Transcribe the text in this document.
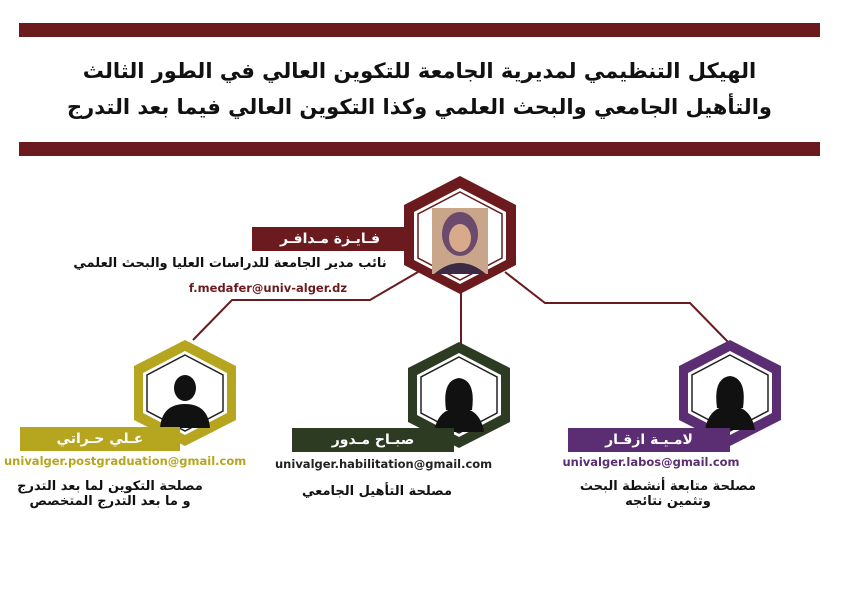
الهيكل التنظيمي لمديرية الجامعة للتكوين العالي في الطور الثالث
والتأهيل الجامعي والبحث العلمي وكذا التكوين العالي فيما بعد التدرج
فـايـزة مـدافـر
نائب مدير الجامعة للدراسات العليا والبحث العلمي
f.medafer@univ-alger.dz
عـلي حـراتي
univalger.postgraduation@gmail.com
مصلحة التكوين لما بعد التدرج
و ما بعد التدرج المتخصص
صبـاح مـدور
univalger.habilitation@gmail.com
مصلحة التأهيل الجامعي
لامـيـة ازقـار
univalger.labos@gmail.com
مصلحة متابعة أنشطة البحث
وتثمين نتائجه
